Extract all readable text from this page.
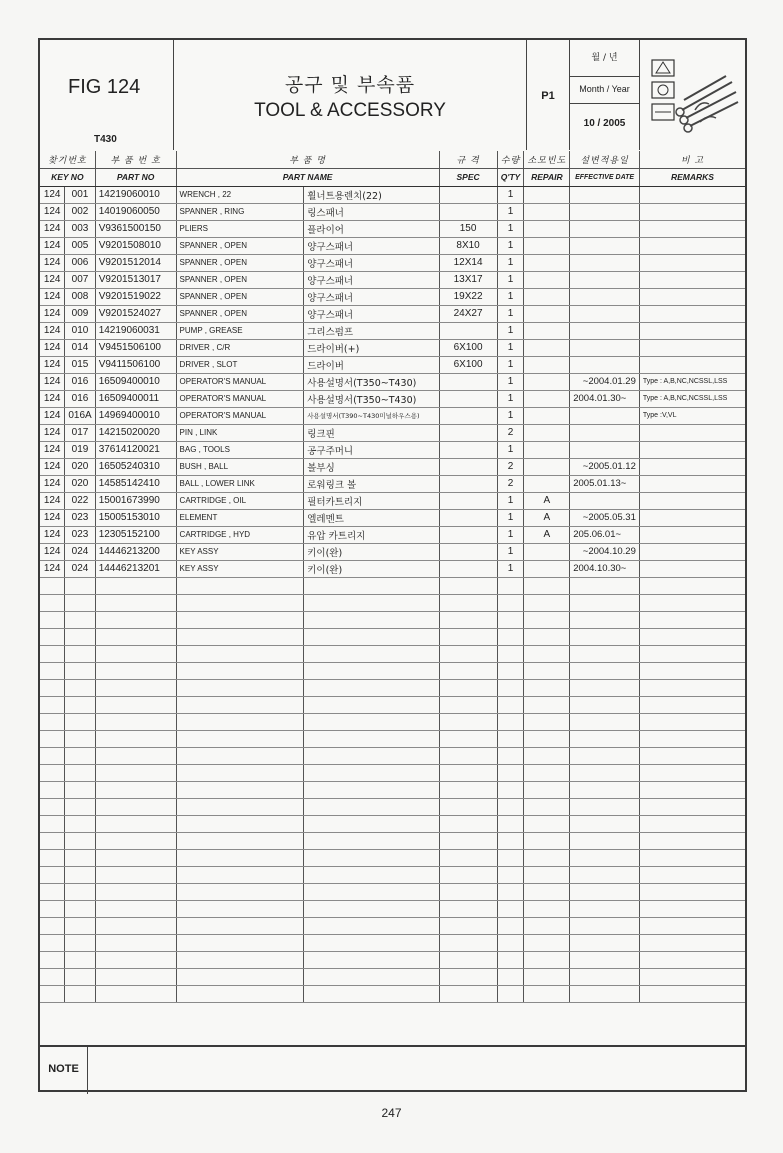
FIG 124
T430
공구 및 부속품
TOOL & ACCESSORY
P1
월 / 년
Month / Year
10 / 2005
찾기번호		부 품 번 호	부 품 명		규 격	수량	소모빈도	설변적용일	비 고
KEY NO		PART NO	PART NAME		SPEC	Q'TY	REPAIR	EFFECTIVE DATE	REMARKS
124	001	14219060010	WRENCH , 22	휠너트용렌치(22)		1			
124	002	14019060050	SPANNER , RING	링스패너		1			
124	003	V9361500150	PLIERS	플라이어	150	1			
124	005	V9201508010	SPANNER , OPEN	양구스패너	8X10	1			
124	006	V9201512014	SPANNER , OPEN	양구스패너	12X14	1			
124	007	V9201513017	SPANNER , OPEN	양구스패너	13X17	1			
124	008	V9201519022	SPANNER , OPEN	양구스패너	19X22	1			
124	009	V9201524027	SPANNER , OPEN	양구스패너	24X27	1			
124	010	14219060031	PUMP , GREASE	그리스펌프		1			
124	014	V9451506100	DRIVER , C/R	드라이버(+)	6X100	1			
124	015	V9411506100	DRIVER , SLOT	드라이버	6X100	1			
124	016	16509400010	OPERATOR'S MANUAL	사용설명서(T350~T430)		1		~2004.01.29	Type : A,B,NC,NCSSL,LSS
124	016	16509400011	OPERATOR'S MANUAL	사용설명서(T350~T430)		1		2004.01.30~	Type : A,B,NC,NCSSL,LSS
124	016A	14969400010	OPERATOR'S MANUAL	사용설명서(T390~T430미널하우스용)		1			Type :V,VL
124	017	14215020020	PIN , LINK	링크핀		2			
124	019	37614120021	BAG , TOOLS	공구주머니		1			
124	020	16505240310	BUSH , BALL	볼부싱		2		~2005.01.12	
124	020	14585142410	BALL , LOWER LINK	로워링크 볼		2		2005.01.13~	
124	022	15001673990	CARTRIDGE , OIL	필터카트리지		1	A		
124	023	15005153010	ELEMENT	엘레멘트		1	A	~2005.05.31	
124	023	12305152100	CARTRIDGE , HYD	유압 카트리지		1	A	205.06.01~	
124	024	14446213200	KEY ASSY	키이(완)		1		~2004.10.29	
124	024	14446213201	KEY ASSY	키이(완)		1		2004.10.30~	

NOTE
247
